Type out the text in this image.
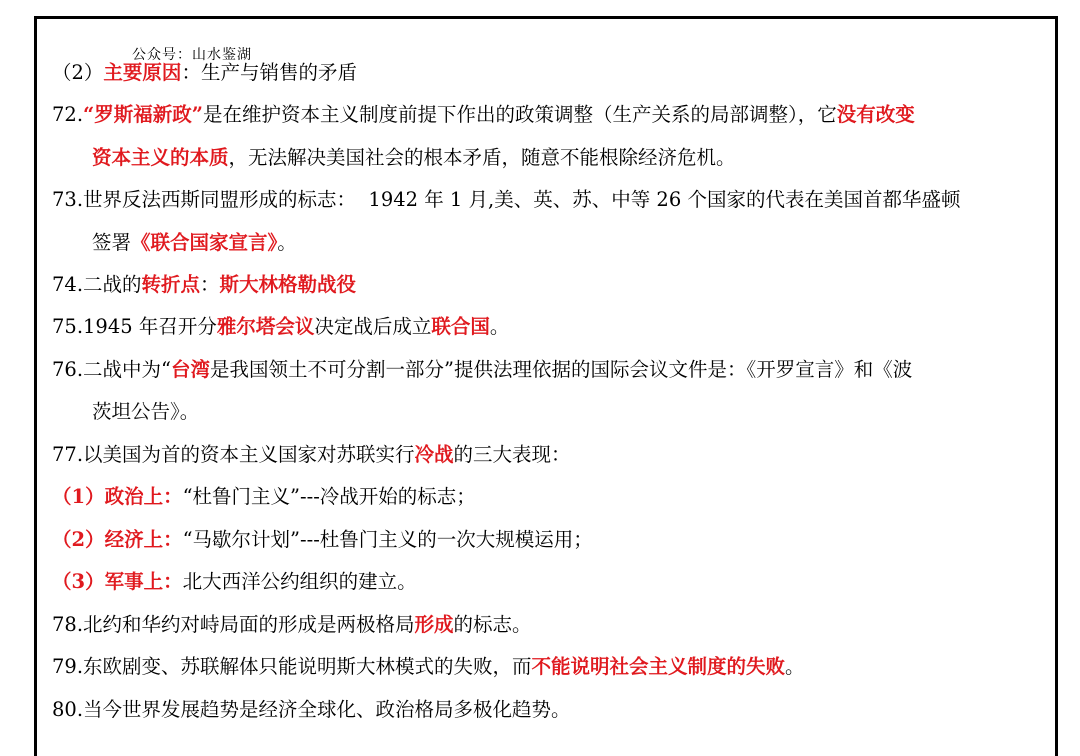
公众号：山水鉴湖
（2）主要原因：生产与销售的矛盾
72.“罗斯福新政”是在维护资本主义制度前提下作出的政策调整（生产关系的局部调整），它没有改变
资本主义的本质，无法解决美国社会的根本矛盾，随意不能根除经济危机。
73.世界反法西斯同盟形成的标志：  1942 年 1 月,美、英、苏、中等 26 个国家的代表在美国首都华盛顿
签署《联合国家宣言》。
74.二战的转折点：斯大林格勒战役
75.1945 年召开分雅尔塔会议决定战后成立联合国。
76.二战中为“台湾是我国领土不可分割一部分”提供法理依据的国际会议文件是：《开罗宣言》和《波
茨坦公告》。
77.以美国为首的资本主义国家对苏联实行冷战的三大表现：
（1）政治上：“杜鲁门主义”---冷战开始的标志；
（2）经济上：“马歇尔计划”---杜鲁门主义的一次大规模运用；
（3）军事上：北大西洋公约组织的建立。
78.北约和华约对峙局面的形成是两极格局形成的标志。
79.东欧剧变、苏联解体只能说明斯大林模式的失败，而不能说明社会主义制度的失败。
80.当今世界发展趋势是经济全球化、政治格局多极化趋势。
